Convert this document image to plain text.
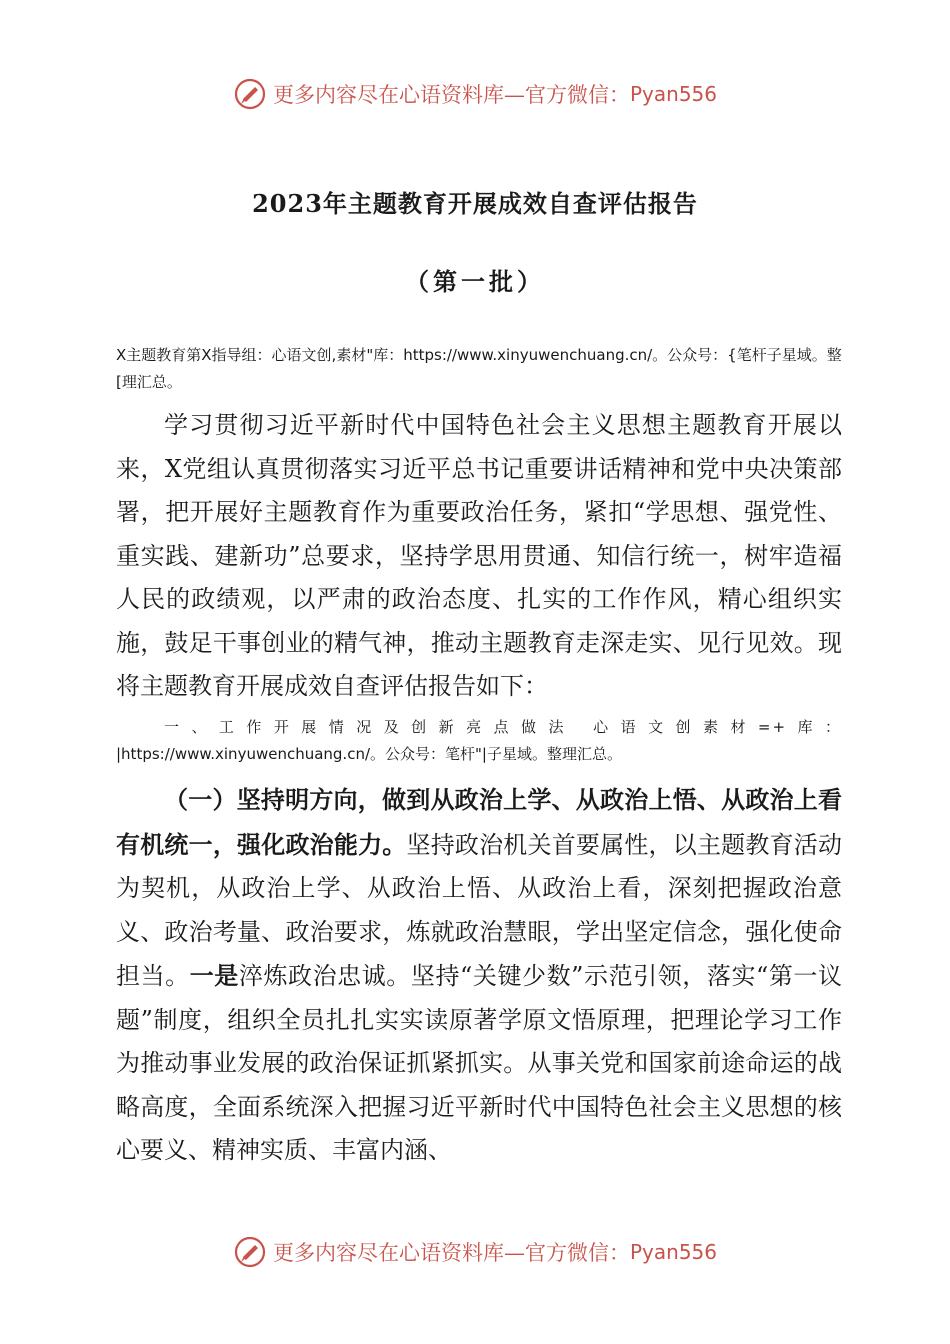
更多内容尽在心语资料库—官方微信： Pyan556
2023年主题教育开展成效自查评估报告
（第一批）

X主题教育第X指导组：心语文创,素材"库：https://www.xinyuwenchuang.cn/。公众号：{笔杆子星域。整[理汇总。

学习贯彻习近平新时代中国特色社会主义思想主题教育开展以来，X党组认真贯彻落实习近平总书记重要讲话精神和党中央决策部署，把开展好主题教育作为重要政治任务，紧扣“学思想、强党性、重实践、建新功”总要求，坚持学思用贯通、知信行统一，树牢造福人民的政绩观，以严肃的政治态度、扎实的工作作风，精心组织实施，鼓足干事创业的精气神，推动主题教育走深走实、见行见效。现将主题教育开展成效自查评估报告如下：

一、工作开展情况及创新亮点做法 心语文创素材=+库：
|https://www.xinyuwenchuang.cn/。公众号：笔杆"|子星域。整理汇总。

（一）坚持明方向，做到从政治上学、从政治上悟、从政治上看有机统一，强化政治能力。坚持政治机关首要属性，以主题教育活动为契机，从政治上学、从政治上悟、从政治上看，深刻把握政治意义、政治考量、政治要求，炼就政治慧眼，学出坚定信念，强化使命担当。一是淬炼政治忠诚。坚持“关键少数”示范引领，落实“第一议题”制度，组织全员扎扎实实读原著学原文悟原理，把理论学习工作为推动事业发展的政治保证抓紧抓实。从事关党和国家前途命运的战略高度，全面系统深入把握习近平新时代中国特色社会主义思想的核心要义、精神实质、丰富内涵、

更多内容尽在心语资料库—官方微信： Pyan556
